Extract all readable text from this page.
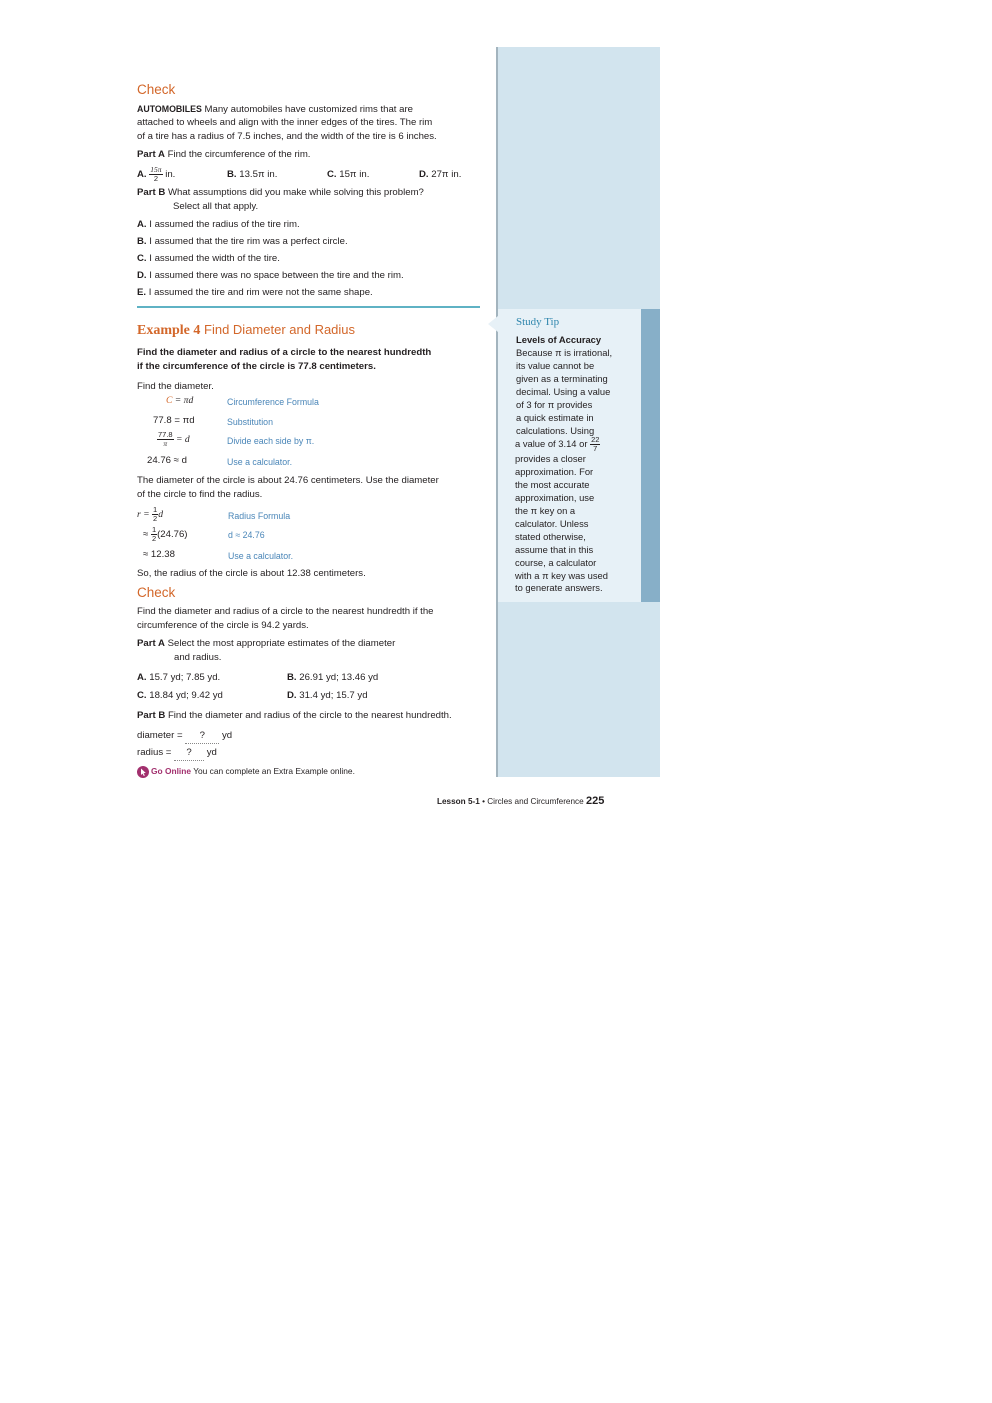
Check
AUTOMOBILES Many automobiles have customized rims that are
attached to wheels and align with the inner edges of the tires. The rim
of a tire has a radius of 7.5 inches, and the width of the tire is 6 inches.
Part A Find the circumference of the rim.
A. $\frac{15\pi}{2}$ in.	B. 13.5π in.	C. 15π in.	D. 27π in.
Part B What assumptions did you make while solving this problem?
Select all that apply.
A. I assumed the radius of the tire rim.
B. I assumed that the tire rim was a perfect circle.
C. I assumed the width of the tire.
D. I assumed there was no space between the tire and the rim.
E. I assumed the tire and rim were not the same shape.
Example 4 Find Diameter and Radius
Find the diameter and radius of a circle to the nearest hundredth
if the circumference of the circle is 77.8 centimeters.
Find the diameter.
C = πd	Circumference Formula
77.8 = πd	Substitution
$\frac{77.8}{\pi} = d$	Divide each side by π.
24.76 ≈ d	Use a calculator.
The diameter of the circle is about 24.76 centimeters. Use the diameter
of the circle to find the radius.
$r = \frac{1}{2}$ d	Radius Formula
≈ $\frac{1}{2} (24.76)$	d ≈ 24.76
≈ 12.38	Use a calculator.
So, the radius of the circle is about 12.38 centimeters.
Check
Find the diameter and radius of a circle to the nearest hundredth if the
circumference of the circle is 94.2 yards.
Part A Select the most appropriate estimates of the diameter
and radius.
A. 15.7 yd; 7.85 yd.	B. 26.91 yd; 13.46 yd
C. 18.84 yd; 9.42 yd	D. 31.4 yd; 15.7 yd
Part B Find the diameter and radius of the circle to the nearest hundredth.
diameter = ? yd
radius = ? yd
Go Online You can complete an Extra Example online.
Study Tip
Levels of Accuracy
Because π is irrational,
its value cannot be
given as a terminating
decimal. Using a value
of 3 for π provides
a quick estimate in
calculations. Using
a value of 3.14 or $\frac{22}{7}$
provides a closer
approximation. For
the most accurate
approximation, use
the π key on a
calculator. Unless
stated otherwise,
assume that in this
course, a calculator
with a π key was used
to generate answers.
Lesson 5-1 • Circles and Circumference 225
